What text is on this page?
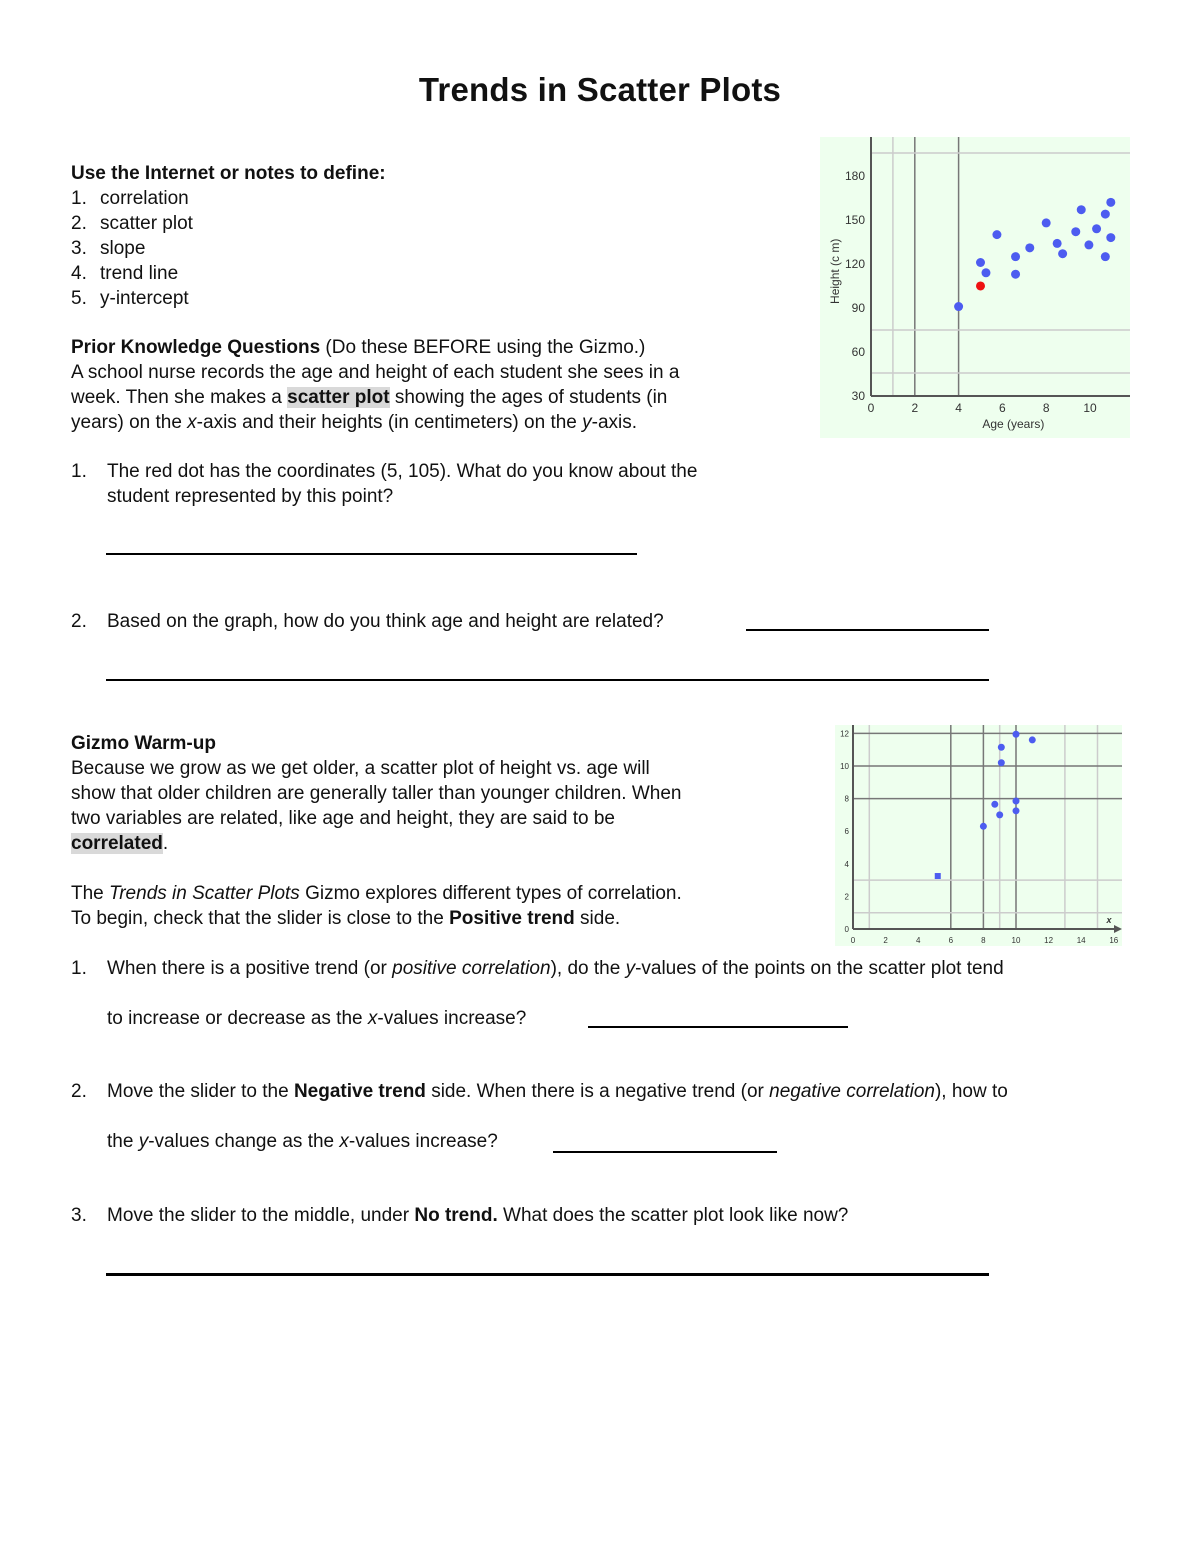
Trends in Scatter Plots
Use the Internet or notes to define:
1. correlation
2. scatter plot
3. slope
4. trend line
5. y-intercept
Prior Knowledge Questions (Do these BEFORE using the Gizmo.)
A school nurse records the age and height of each student she sees in a
week. Then she makes a scatter plot showing the ages of students (in
years) on the x-axis and their heights (in centimeters) on the y-axis.
1. The red dot has the coordinates (5, 105). What do you know about the
student represented by this point?
2. Based on the graph, how do you think age and height are related?
Gizmo Warm-up
Because we grow as we get older, a scatter plot of height vs. age will
show that older children are generally taller than younger children. When
two variables are related, like age and height, they are said to be
correlated.
The Trends in Scatter Plots Gizmo explores different types of correlation.
To begin, check that the slider is close to the Positive trend side.
1. When there is a positive trend (or positive correlation), do the y-values of the points on the scatter plot tend
to increase or decrease as the x-values increase?
2. Move the slider to the Negative trend side. When there is a negative trend (or negative correlation), how to
the y-values change as the x-values increase?
3. Move the slider to the middle, under No trend. What does the scatter plot look like now?
30
60
90
120
150
180
0	2	4	6	8	10
Age (years)
Height (c m)
x
0
2
4
6
8
10
12
0	2	4	6	8	10	12	14	16
